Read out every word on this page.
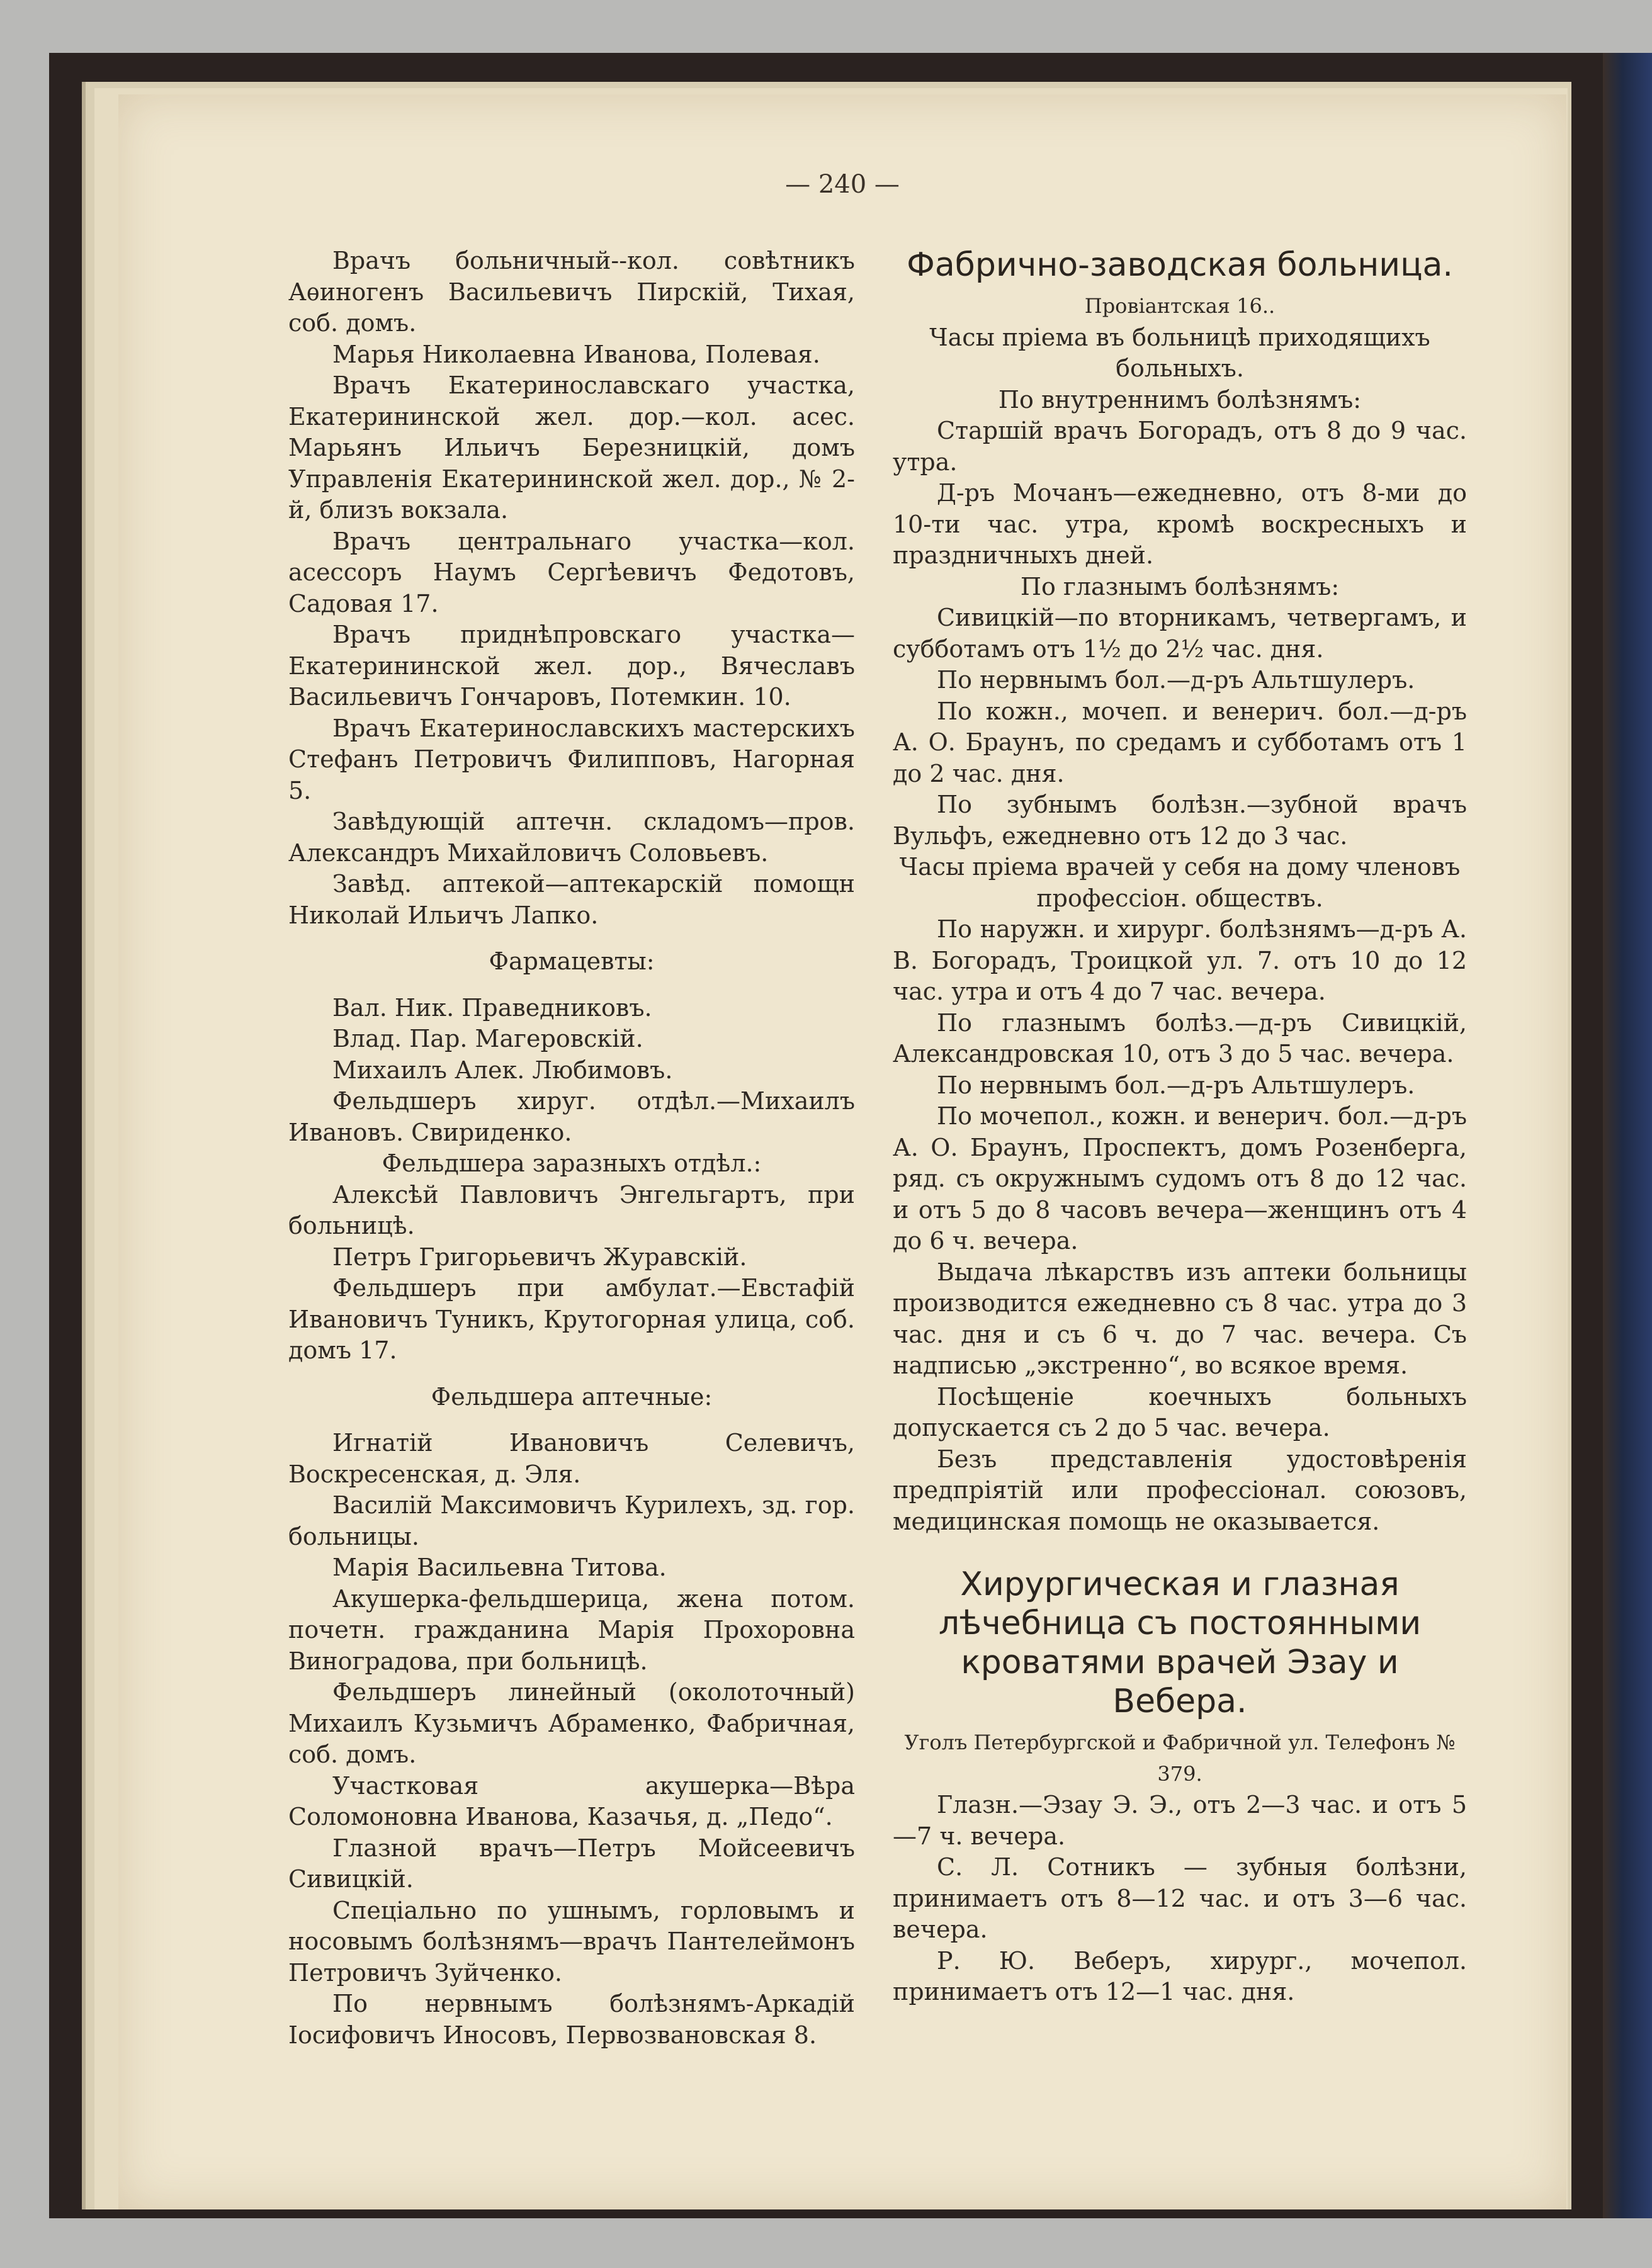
— 240 —

Врачъ больничный--кол. совѣтникъ Аѳиногенъ Васильевичъ Пирскій, Тихая, соб. домъ.

Марья Николаевна Иванова, Полевая.

Врачъ Екатеринославскаго участка, Екатерининской жел. дор.—кол. асес. Марьянъ Ильичъ Березницкій, домъ Управленія Екатерининской жел. дор., № 2-й, близъ вокзала.

Врачъ центральнаго участка—кол. асессоръ Наумъ Сергѣевичъ Федотовъ, Садовая 17.

Врачъ приднѣпровскаго участка—Екатерининской жел. дор., Вячеславъ Васильевичъ Гончаровъ, Потемкин. 10.

Врачъ Екатеринославскихъ мастерскихъ Стефанъ Петровичъ Филипповъ, Нагорная 5.

Завѣдующій аптечн. складомъ—пров. Александръ Михайловичъ Соловьевъ.

Завѣд. аптекой—аптекарскій помощн Николай Ильичъ Лапко.

Фармацевты:

Вал. Ник. Праведниковъ.

Влад. Пар. Магеровскій.

Михаилъ Алек. Любимовъ.

Фельдшеръ хируг. отдѣл.—Михаилъ Ивановъ. Свириденко.

Фельдшера заразныхъ отдѣл.:

Алексѣй Павловичъ Энгельгартъ, при больницѣ.

Петръ Григорьевичъ Журавскій.

Фельдшеръ при амбулат.—Евстафій Ивановичъ Туникъ, Крутогорная улица, соб. домъ 17.

Фельдшера аптечные:

Игнатій Ивановичъ Селевичъ, Воскресенская, д. Эля.

Василій Максимовичъ Курилехъ, зд. гор. больницы.

Марія Васильевна Титова.

Акушерка-фельдшерица, жена потом. почетн. гражданина Марія Прохоровна Виноградова, при больницѣ.

Фельдшеръ линейный (околоточный) Михаилъ Кузьмичъ Абраменко, Фабричная, соб. домъ.

Участковая акушерка—Вѣра Соломоновна Иванова, Казачья, д. „Педо“.

Глазной врачъ—Петръ Мойсеевичъ Сивицкій.

Спеціально по ушнымъ, горловымъ и носовымъ болѣзнямъ—врачъ Пантелеймонъ Петровичъ Зуйченко.

По нервнымъ болѣзнямъ-Аркадій Іосифовичъ Иносовъ, Первозвановская 8.

Фабрично-заводская больница.

Провіантская 16..

Часы пріема въ больницѣ приходящихъ больныхъ.

По внутреннимъ болѣзнямъ:

Старшій врачъ Богорадъ, отъ 8 до 9 час. утра.

Д-ръ Мочанъ—ежедневно, отъ 8-ми до 10-ти час. утра, кромѣ воскресныхъ и праздничныхъ дней.

По глазнымъ болѣзнямъ:

Сивицкій—по вторникамъ, четвергамъ, и субботамъ отъ 1½ до 2½ час. дня.

По нервнымъ бол.—д-ръ Альтшулеръ.

По кожн., мочеп. и венерич. бол.—д-ръ А. О. Браунъ, по средамъ и субботамъ отъ 1 до 2 час. дня.

По зубнымъ болѣзн.—зубной врачъ Вульфъ, ежедневно отъ 12 до 3 час.

Часы пріема врачей у себя на дому членовъ профессіон. обществъ.

По наружн. и хирург. болѣзнямъ—д-ръ А. В. Богорадъ, Троицкой ул. 7. отъ 10 до 12 час. утра и отъ 4 до 7 час. вечера.

По глазнымъ болѣз.—д-ръ Сивицкій, Александровская 10, отъ 3 до 5 час. вечера.

По нервнымъ бол.—д-ръ Альтшулеръ.

По мочепол., кожн. и венерич. бол.—д-ръ А. О. Браунъ, Проспектъ, домъ Розенберга, ряд. съ окружнымъ судомъ отъ 8 до 12 час. и отъ 5 до 8 часовъ вечера—женщинъ отъ 4 до 6 ч. вечера.

Выдача лѣкарствъ изъ аптеки больницы производится ежедневно съ 8 час. утра до 3 час. дня и съ 6 ч. до 7 час. вечера. Съ надписью „экстренно“, во всякое время.

Посѣщеніе коечныхъ больныхъ допускается съ 2 до 5 час. вечера.

Безъ представленія удостовѣренія предпріятій или профессіонал. союзовъ, медицинская помощь не оказывается.

Хирургическая и глазная лѣчебница съ постоянными кроватями врачей Эзау и Вебера.

Уголъ Петербургской и Фабричной ул. Телефонъ № 379.

Глазн.—Эзау Э. Э., отъ 2—3 час. и отъ 5—7 ч. вечера.

С. Л. Сотникъ — зубныя болѣзни, принимаетъ отъ 8—12 час. и отъ 3—6 час. вечера.

Р. Ю. Веберъ, хирург., мочепол. принимаетъ отъ 12—1 час. дня.
